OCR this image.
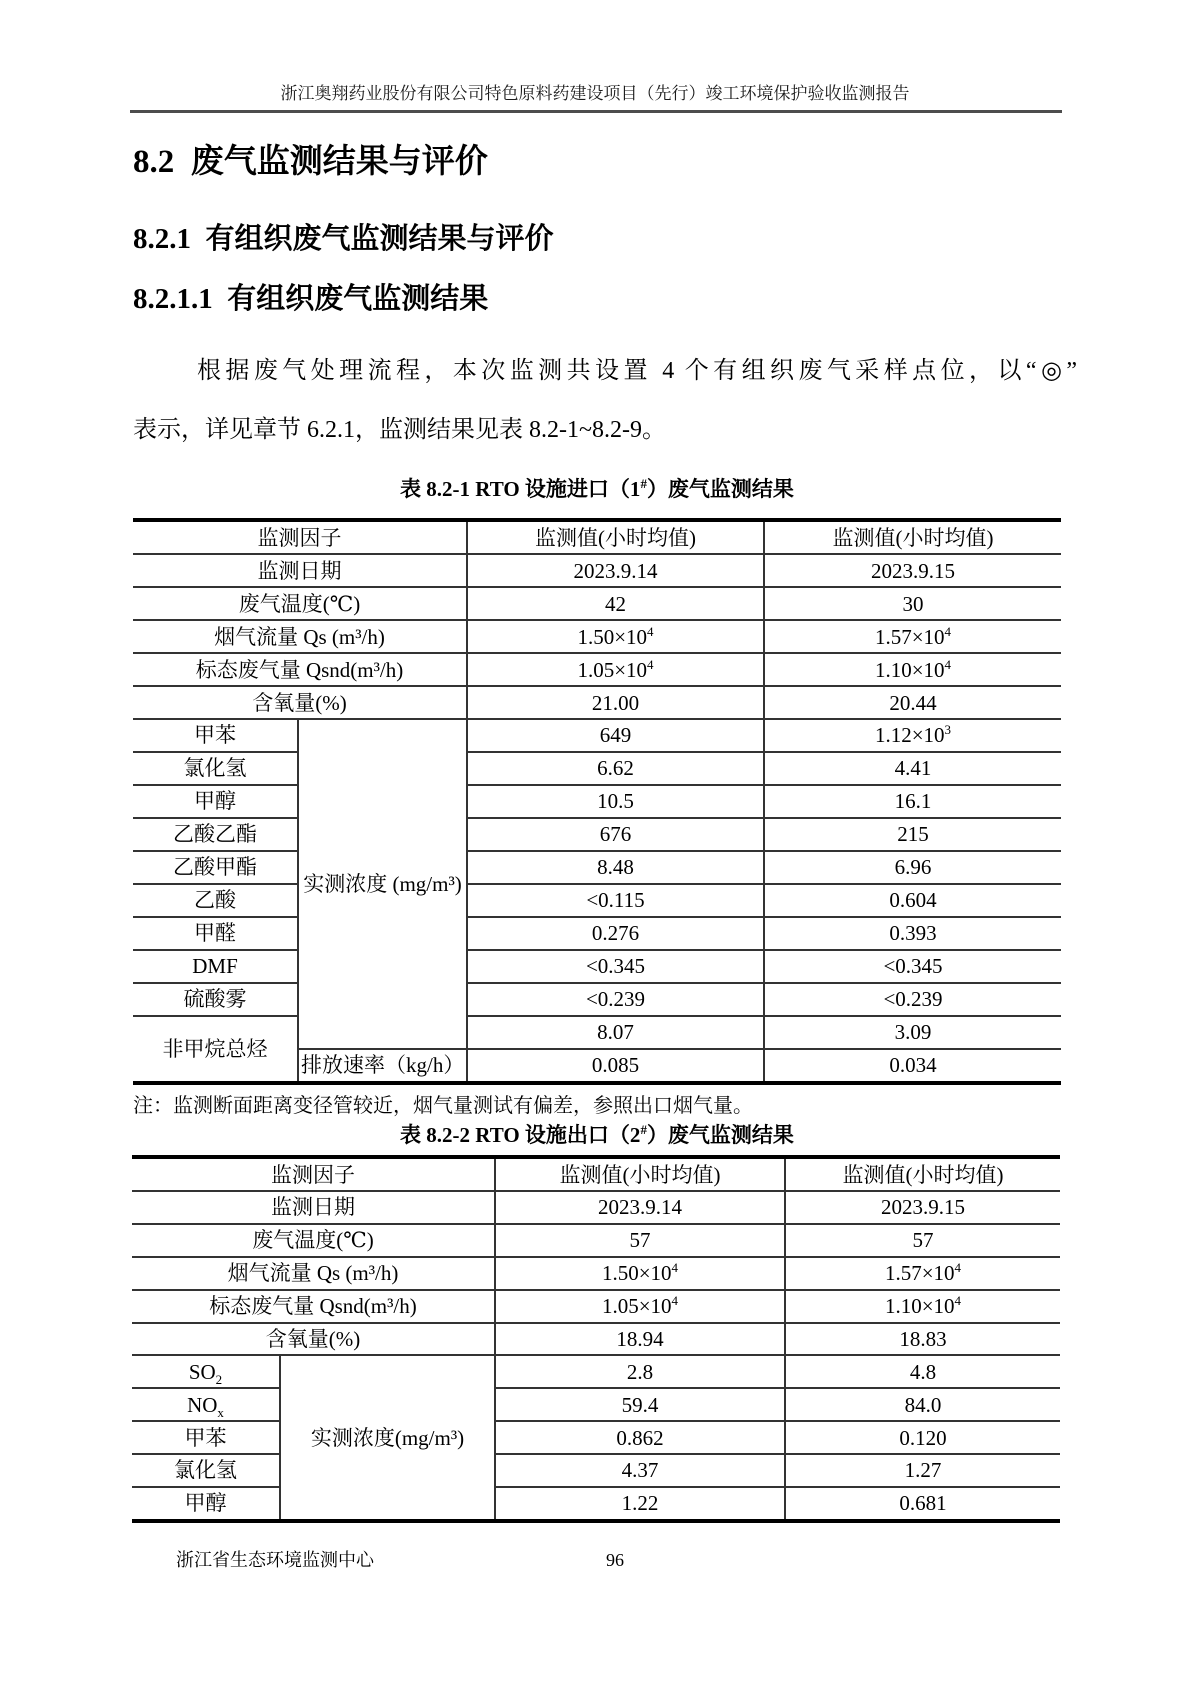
浙江奥翔药业股份有限公司特色原料药建设项目（先行）竣工环境保护验收监测报告
8.2  废气监测结果与评价
8.2.1  有组织废气监测结果与评价
8.2.1.1  有组织废气监测结果
根据废气处理流程，本次监测共设置 4 个有组织废气采样点位，以“◎”
表示，详见章节 6.2.1，监测结果见表 8.2-1~8.2-9。
表 8.2-1 RTO 设施进口（1#）废气监测结果
监测因子		监测值(小时均值)	监测值(小时均值)
监测日期		2023.9.14	2023.9.15
废气温度(℃)		42	30
烟气流量 Qs (m³/h)		$1.50\times 10^4$	$1.57\times 10^4$
标态废气量 Qsnd(m³/h)		$1.05\times 10^4$	$1.10\times 10^4$
含氧量(%)		21.00	20.44
甲苯	实测浓度 (mg/m³)	649	$1.12\times 10^3$
氯化氢		6.62	4.41
甲醇		10.5	16.1
乙酸乙酯		676	215
乙酸甲酯		8.48	6.96
乙酸		<0.115	0.604
甲醛		0.276	0.393
DMF		<0.345	<0.345
硫酸雾		<0.239	<0.239
非甲烷总烃		8.07	3.09
	排放速率（kg/h）	0.085	0.034
注：监测断面距离变径管较近，烟气量测试有偏差，参照出口烟气量。
表 8.2-2 RTO 设施出口（2#）废气监测结果
监测因子		监测值(小时均值)	监测值(小时均值)
监测日期		2023.9.14	2023.9.15
废气温度(℃)		57	57
烟气流量 Qs (m³/h)		$1.50\times 10^4$	$1.57\times 10^4$
标态废气量 Qsnd(m³/h)		$1.05\times 10^4$	$1.10\times 10^4$
含氧量(%)		18.94	18.83
$SO_2$	实测浓度(mg/m³)	2.8	4.8
$NO_x$		59.4	84.0
甲苯		0.862	0.120
氯化氢		4.37	1.27
甲醇		1.22	0.681
浙江省生态环境监测中心	96
